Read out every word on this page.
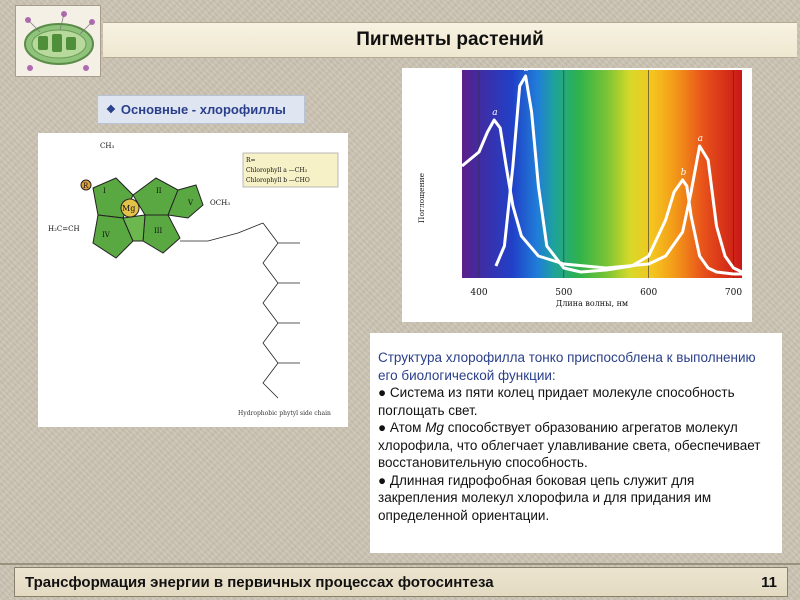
Пигменты растений
❖ Основные - хлорофиллы
Mg
I	II
III
IV
V
R
CH₃
H₂C=CH
OCH₃
R=
Chlorophyll a —CH₃
Chlorophyll b —CHO
Hydrophobic phytyl side chain
a
a
b
b
400	500	600	700
Длина волны, нм
Поглощение

Структура хлорофилла тонко приспособлена к выполнению его биологической функции:

● Система из пяти колец придает молекуле способность поглощать свет.

● Атом Mg способствует образованию агрегатов молекул хлорофила, что облегчает улавливание света, обеспечивает восстановительную способность.

● Длинная гидрофобная боковая цепь служит для закрепления молекул хлорофила и для придания им определенной ориентации.

Трансформация энергии в первичных процессах фотосинтеза	11
